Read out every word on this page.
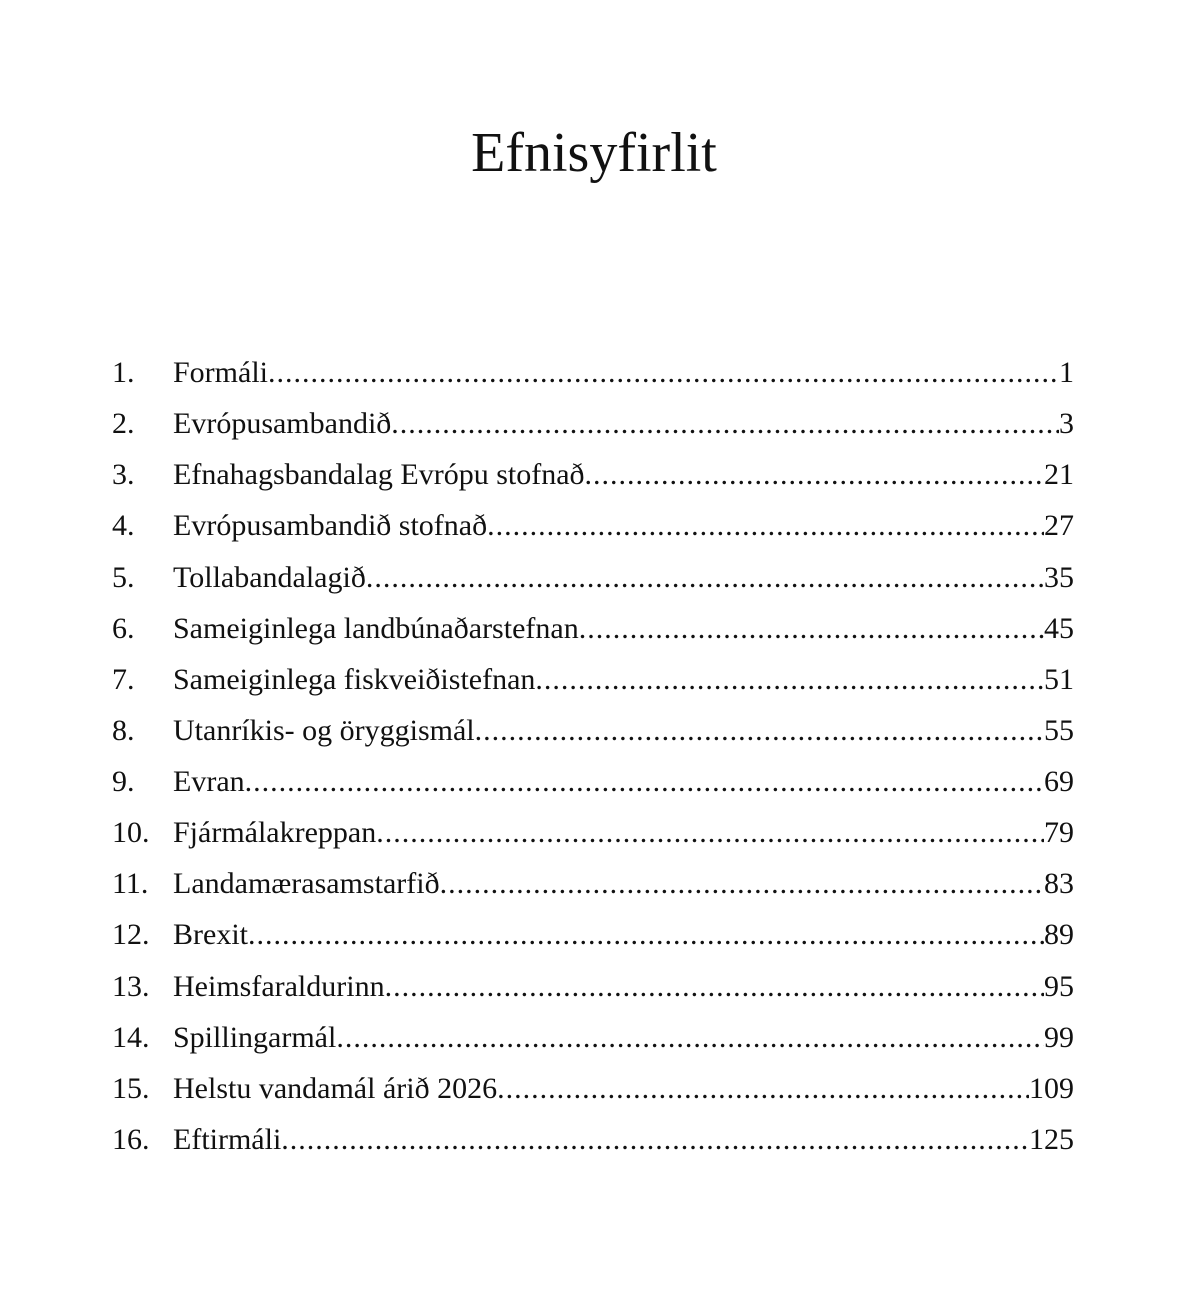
Efnisyfirlit
1.	Formáli .....	1
2.	Evrópusambandið .....	3
3.	Efnahagsbandalag Evrópu stofnað .....	21
4.	Evrópusambandið stofnað .....	27
5.	Tollabandalagið .....	35
6.	Sameiginlega landbúnaðarstefnan .....	45
7.	Sameiginlega fiskveiðistefnan .....	51
8.	Utanríkis- og öryggismál .....	55
9.	Evran .....	69
10. Fjármálakreppan .....	79
11. Landamærasamstarfið .....	83
12. Brexit .....	89
13. Heimsfaraldurinn .....	95
14. Spillingarmál .....	99
15. Helstu vandamál árið 2026 .....	109
16. Eftirmáli .....	125
